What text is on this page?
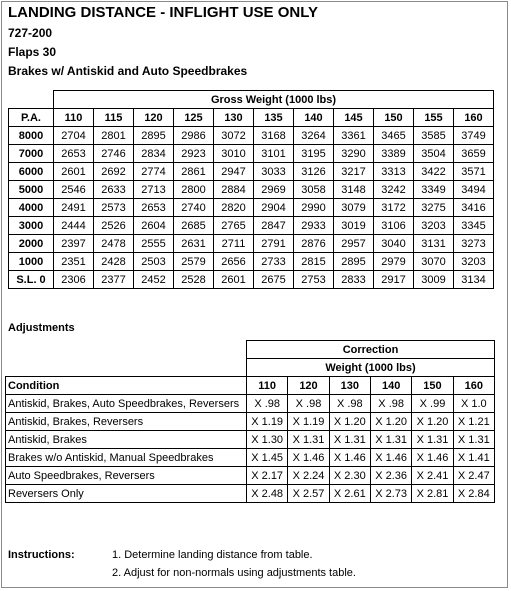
LANDING DISTANCE - INFLIGHT USE ONLY
727-200
Flaps 30
Brakes w/ Antiskid and Auto Speedbrakes
	Gross Weight (1000 lbs)										
P.A.	110	115	120	125	130	135	140	145	150	155	160
8000	2704	2801	2895	2986	3072	3168	3264	3361	3465	3585	3749
7000	2653	2746	2834	2923	3010	3101	3195	3290	3389	3504	3659
6000	2601	2692	2774	2861	2947	3033	3126	3217	3313	3422	3571
5000	2546	2633	2713	2800	2884	2969	3058	3148	3242	3349	3494
4000	2491	2573	2653	2740	2820	2904	2990	3079	3172	3275	3416
3000	2444	2526	2604	2685	2765	2847	2933	3019	3106	3203	3345
2000	2397	2478	2555	2631	2711	2791	2876	2957	3040	3131	3273
1000	2351	2428	2503	2579	2656	2733	2815	2895	2979	3070	3203
S.L. 0	2306	2377	2452	2528	2601	2675	2753	2833	2917	3009	3134
Adjustments
	Correction					
	Weight (1000 lbs)					
Condition	110	120	130	140	150	160
Antiskid, Brakes, Auto Speedbrakes, Reversers	X .98	X .98	X .98	X .98	X .99	X 1.0
Antiskid, Brakes, Reversers	X 1.19	X 1.19	X 1.20	X 1.20	X 1.20	X 1.21
Antiskid, Brakes	X 1.30	X 1.31	X 1.31	X 1.31	X 1.31	X 1.31
Brakes w/o Antiskid, Manual Speedbrakes	X 1.45	X 1.46	X 1.46	X 1.46	X 1.46	X 1.41
Auto Speedbrakes, Reversers	X 2.17	X 2.24	X 2.30	X 2.36	X 2.41	X 2.47
Reversers Only	X 2.48	X 2.57	X 2.61	X 2.73	X 2.81	X 2.84
Instructions:	1. Determine landing distance from table.
2. Adjust for non-normals using adjustments table.
